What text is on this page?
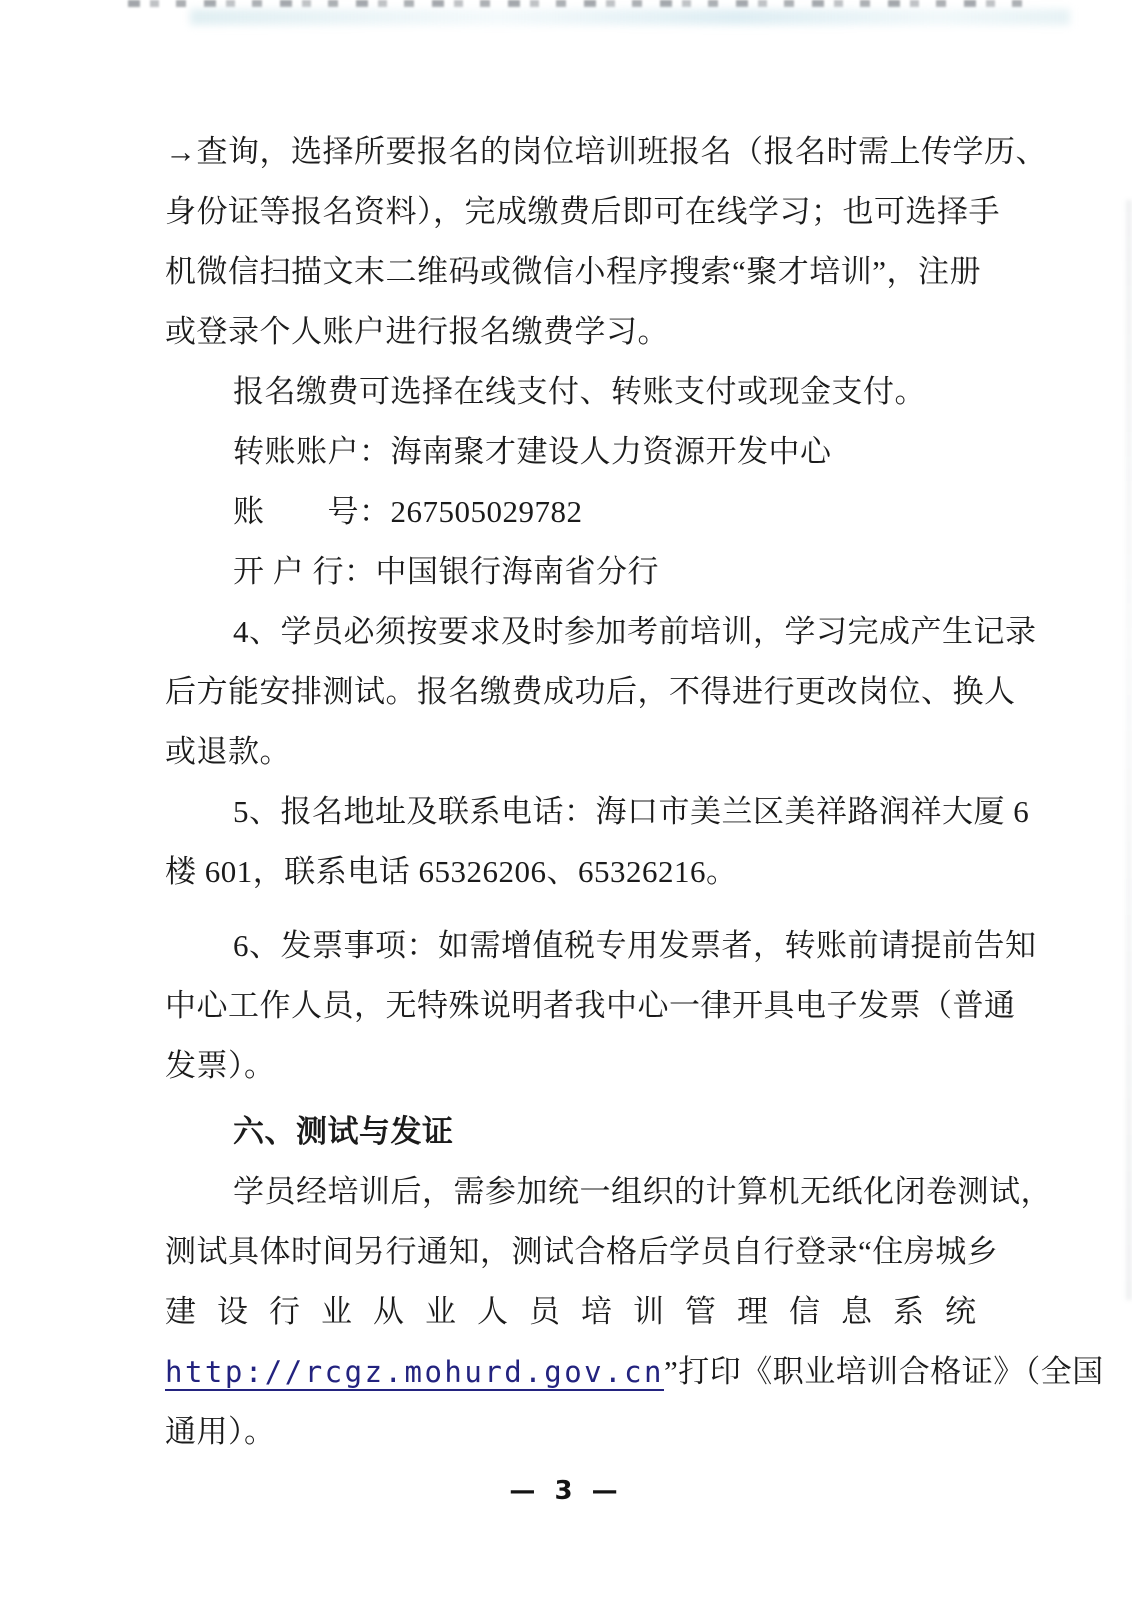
→查询，选择所要报名的岗位培训班报名（报名时需上传学历、
身份证等报名资料），完成缴费后即可在线学习；也可选择手
机微信扫描文末二维码或微信小程序搜索“聚才培训”，注册
或登录个人账户进行报名缴费学习。
报名缴费可选择在线支付、转账支付或现金支付。
转账账户：海南聚才建设人力资源开发中心
账　　号：267505029782
开 户 行：中国银行海南省分行
4、学员必须按要求及时参加考前培训，学习完成产生记录
后方能安排测试。报名缴费成功后，不得进行更改岗位、换人
或退款。
5、报名地址及联系电话：海口市美兰区美祥路润祥大厦 6
楼 601，联系电话 65326206、65326216。
6、发票事项：如需增值税专用发票者，转账前请提前告知
中心工作人员，无特殊说明者我中心一律开具电子发票（普通
发票）。
六、测试与发证
学员经培训后，需参加统一组织的计算机无纸化闭卷测试，
测试具体时间另行通知，测试合格后学员自行登录“住房城乡
建设行业从业人员培训管理信息系统
http://rcgz.mohurd.gov.cn”打印《职业培训合格证》（全国
通用）。
— 3 —
